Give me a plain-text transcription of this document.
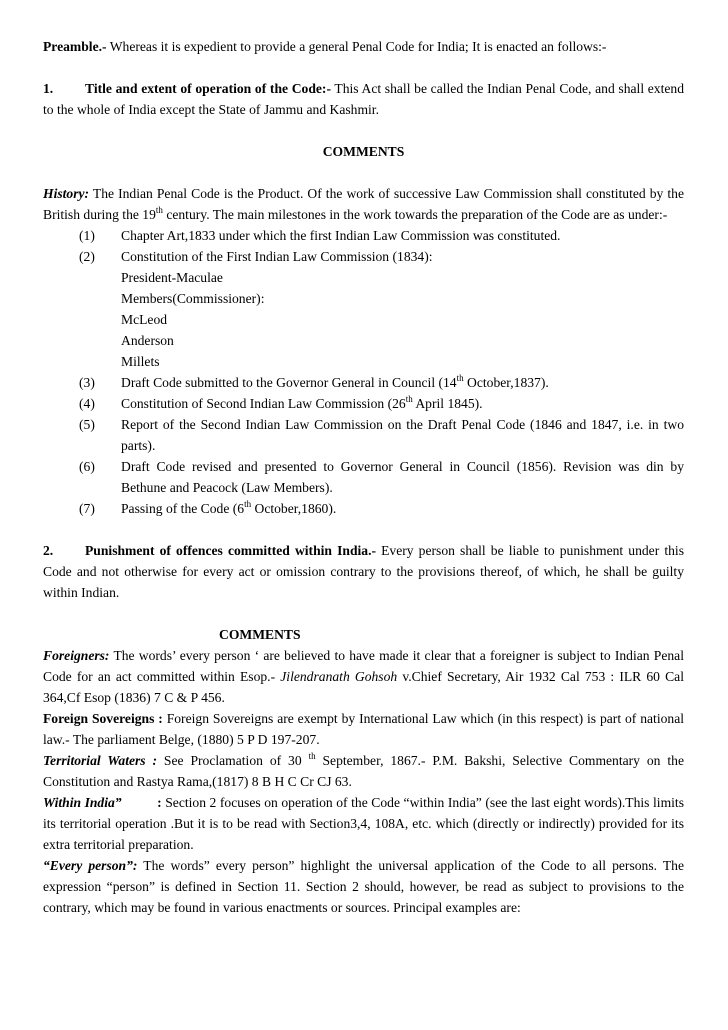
Preamble.- Whereas it is expedient to provide a general Penal Code for India; It is enacted an follows:-

1. Title and extent of operation of the Code:- This Act shall be called the Indian Penal Code, and shall extend to the whole of India except the State of Jammu and Kashmir.

COMMENTS

History: The Indian Penal Code is the Product. Of the work of successive Law Commission shall constituted by the British during the 19th century. The main milestones in the work towards the preparation of the Code are as under:-

(1) Chapter Art,1833 under which the first Indian Law Commission was constituted.
(2) Constitution of the First Indian Law Commission (1834):
President-Maculae
Members(Commissioner):
McLeod
Anderson
Millets
(3) Draft Code submitted to the Governor General in Council (14th October,1837).
(4) Constitution of Second Indian Law Commission (26th April 1845).
(5) Report of the Second Indian Law Commission on the Draft Penal Code (1846 and 1847, i.e. in two parts).
(6) Draft Code revised and presented to Governor General in Council (1856). Revision was din by Bethune and Peacock (Law Members).
(7) Passing of the Code (6th October,1860).

2. Punishment of offences committed within India.- Every person shall be liable to punishment under this Code and not otherwise for every act or omission contrary to the provisions thereof, of which, he shall be guilty within Indian.

COMMENTS

Foreigners: The words’ every person ‘ are believed to have made it clear that a foreigner is subject to Indian Penal Code for an act committed within Esop.- Jilendranath Gohsoh v.Chief Secretary, Air 1932 Cal 753 : ILR 60 Cal 364,Cf Esop (1836) 7 C & P 456.

Foreign Sovereigns : Foreign Sovereigns are exempt by International Law which (in this respect) is part of national law.- The parliament Belge, (1880) 5 P D 197-207.

Territorial Waters : See Proclamation of 30 $^{th}$ September, 1867.- P.M. Bakshi, Selective Commentary on the Constitution and Rastya Rama,(1817) 8 B H C Cr CJ 63.

Within India”          : Section 2 focuses on operation of the Code “within India” (see the last eight words).This limits its territorial operation .But it is to be read with Section3,4, 108A, etc. which (directly or indirectly) provided for its extra territorial preparation.

“Every person”: The words” every person” highlight the universal application of the Code to all persons. The expression “person” is defined in Section 11. Section 2 should, however, be read as subject to provisions to the contrary, which may be found in various enactments or sources. Principal examples are:
